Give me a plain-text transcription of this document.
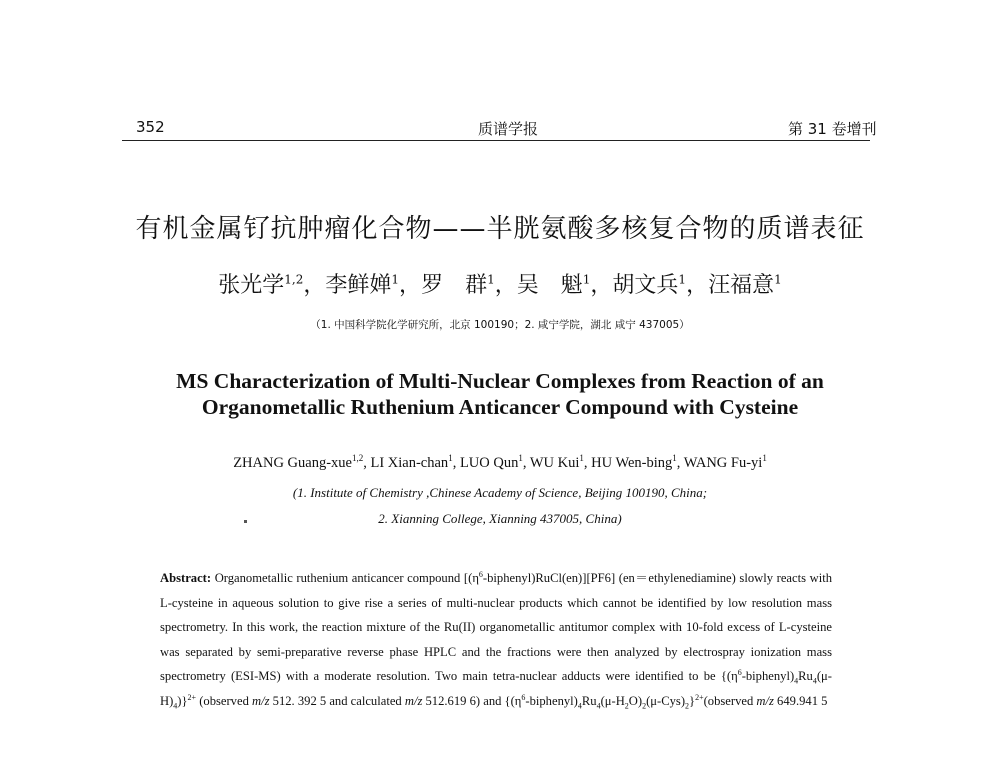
352	质谱学报	第 31 卷增刊
有机金属钌抗肿瘤化合物——半胱氨酸多核复合物的质谱表征
张光学$^{1,2}$，李鲜婵$^1$，罗　群$^1$，吴　魁$^1$，胡文兵$^1$，汪福意$^1$
（1. 中国科学院化学研究所，北京 100190；2. 咸宁学院，湖北 咸宁 437005）
MS Characterization of Multi-Nuclear Complexes from Reaction of an
Organometallic Ruthenium Anticancer Compound with Cysteine
ZHANG Guang-xue$^{1,2}$, LI Xian-chan$^1$, LUO Qun$^1$, WU Kui$^1$, HU Wen-bing$^1$, WANG $Fu-yi^1$
(1. Institute of Chemistry ,Chinese Academy of Science, Beijing 100190, China;
2. Xianning College, Xianning 437005, China)
Abstract: Organometallic ruthenium anticancer compound $[(\eta^6-biphenyl)RuCl(en)][PF6]$ (en＝ethylenediamine) slowly reacts with L-cysteine in aqueous solution to give rise a series of multi-nuclear products which cannot be identified by low resolution mass spectrometry. In this work, the reaction mixture of the Ru(II) organometallic antitumor complex with 10-fold excess of L-cysteine was separated by semi-preparative reverse phase HPLC and the fractions were then analyzed by electrospray ionization mass spectrometry (ESI-MS) with a moderate resolution. Two main tetra-nuclear adducts were identified to be $\{(\eta^6-biphenyl)_4Ru_4(\mu-H)_4)\}^{2+}$ (observed m/z 512. 392 5 and calculated m/z 512.619 6) and $\{(\eta^6-biphenyl)_4Ru_4(\mu-H_2O)_2(\mu-Cys)_2\}^{2+}(observed$ m/z 649.941 5
